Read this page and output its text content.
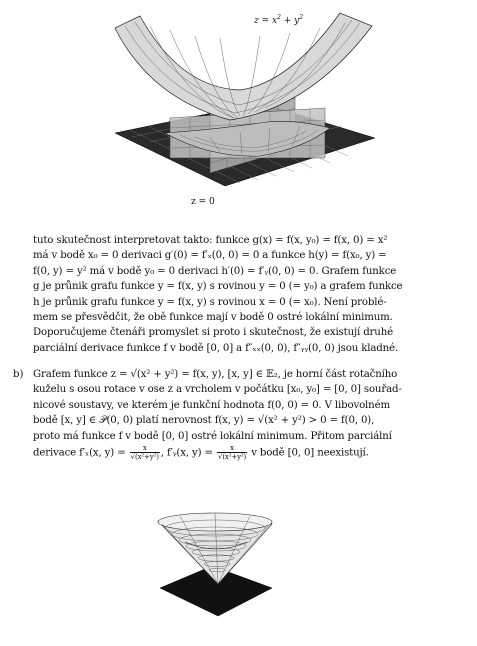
$z = x^2 + y^2$
z = 0
tuto skutečnost interpretovat takto: funkce g(x) = f(x, y₀) = f(x, 0) = x²
má v bodě x₀ = 0 derivaci g′(0) = f′ₓ(0, 0) = 0 a funkce h(y) = f(x₀, y) =
f(0, y) = y² má v bodě y₀ = 0 derivaci h′(0) = f′ᵧ(0, 0) = 0. Grafem funkce
g je průnik grafu funkce y = f(x, y) s rovinou y = 0 (= y₀) a grafem funkce
h je průnik grafu funkce y = f(x, y) s rovinou x = 0 (= x₀). Není problé-
mem se přesvědčit, že obě funkce mají v bodě 0 ostré lokální minimum.
Doporučujeme čtenáři promyslet si proto i skutečnost, že existují druhé
parciální derivace funkce f v bodě [0, 0] a f″ₓₓ(0, 0), f″ᵧᵧ(0, 0) jsou kladné.
b) Grafem funkce z = √(x² + y²) = f(x, y), [x, y] ∈ 𝔼₂, je horní část rotačního
kuželu s osou rotace v ose z a vrcholem v počátku [x₀, y₀] = [0, 0] souřad-
nicové soustavy, ve kterém je funkční hodnota f(0, 0) = 0. V libovolném
bodě [x, y] ∈ 𝒫(0, 0) platí nerovnost f(x, y) = √(x² + y²) > 0 = f(0, 0),
proto má funkce f v bodě [0, 0] ostré lokální minimum. Přitom parciální
derivace f′ₓ(x, $y) = \frac{x}{\text{√(x²+y²)}}$ , f′ᵧ(x, $y) = \frac{x}{\text{√(x²+y²)}}$ v bodě [0, 0] neexistují.
